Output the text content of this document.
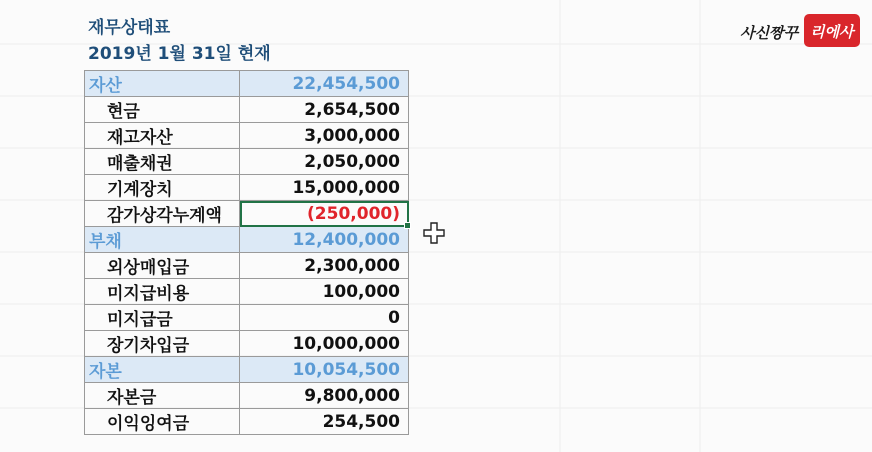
재무상태표
2019년 1월 31일 현재
자산	22,454,500
현금	2,654,500
재고자산	3,000,000
매출채권	2,050,000
기계장치	15,000,000
감가상각누계액	(250,000)

부채	12,400,000
외상매입금	2,300,000
미지급비용	100,000
미지급금	0
장기차입금	10,000,000
자본	10,054,500
자본금	9,800,000
이익잉여금	254,500
사신짱꾸 리에사
